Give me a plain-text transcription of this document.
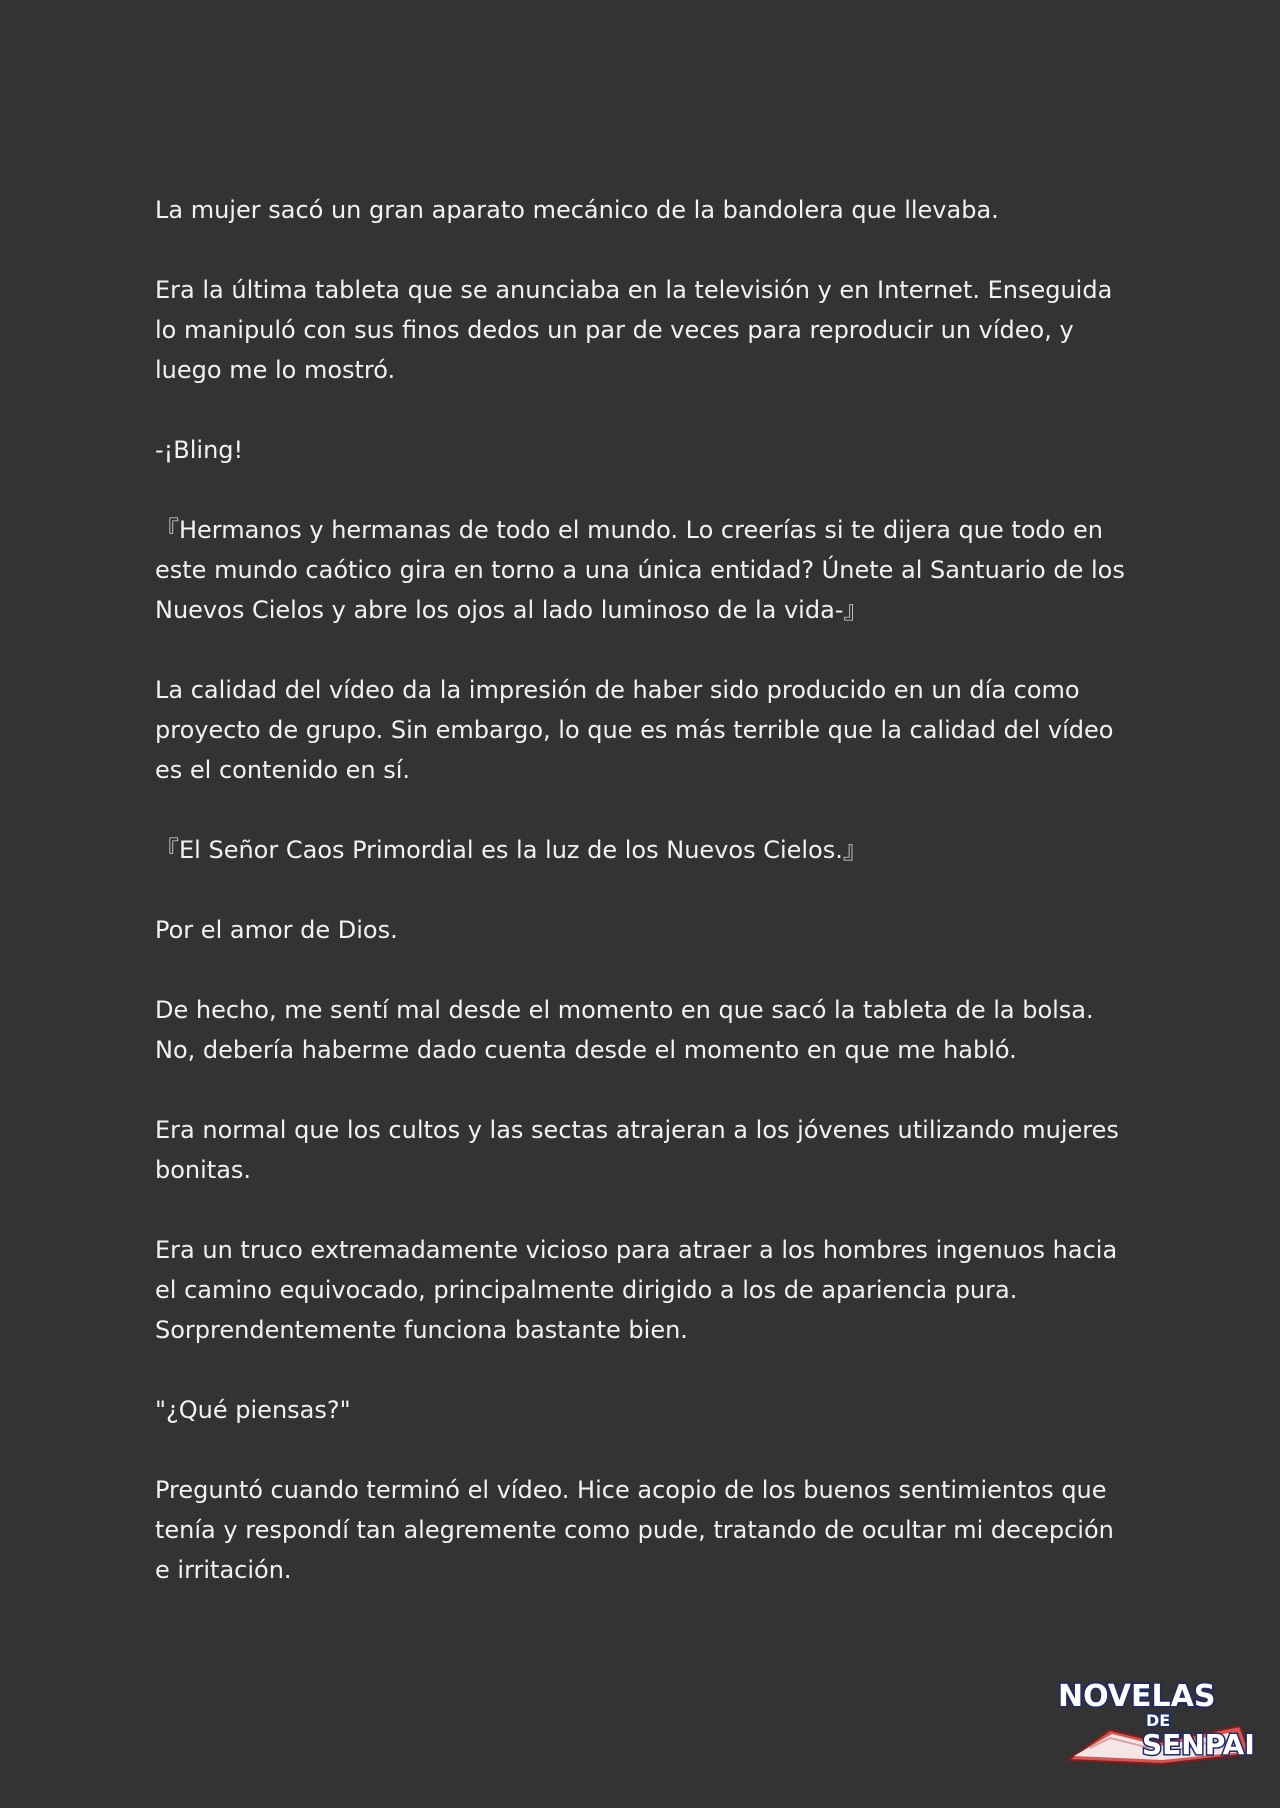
La mujer sacó un gran aparato mecánico de la bandolera que llevaba.

Era la última tableta que se anunciaba en la televisión y en Internet. Enseguida lo manipuló con sus finos dedos un par de veces para reproducir un vídeo, y luego me lo mostró.

-¡Bling!

『Hermanos y hermanas de todo el mundo. Lo creerías si te dijera que todo en este mundo caótico gira en torno a una única entidad? Únete al Santuario de los Nuevos Cielos y abre los ojos al lado luminoso de la vida-』

La calidad del vídeo da la impresión de haber sido producido en un día como proyecto de grupo. Sin embargo, lo que es más terrible que la calidad del vídeo es el contenido en sí.

『El Señor Caos Primordial es la luz de los Nuevos Cielos.』

Por el amor de Dios.

De hecho, me sentí mal desde el momento en que sacó la tableta de la bolsa. No, debería haberme dado cuenta desde el momento en que me habló.

Era normal que los cultos y las sectas atrajeran a los jóvenes utilizando mujeres bonitas.

Era un truco extremadamente vicioso para atraer a los hombres ingenuos hacia el camino equivocado, principalmente dirigido a los de apariencia pura. Sorprendentemente funciona bastante bien.

"¿Qué piensas?"

Preguntó cuando terminó el vídeo. Hice acopio de los buenos sentimientos que tenía y respondí tan alegremente como pude, tratando de ocultar mi decepción e irritación.

NOVELAS
DE
SENPAI
